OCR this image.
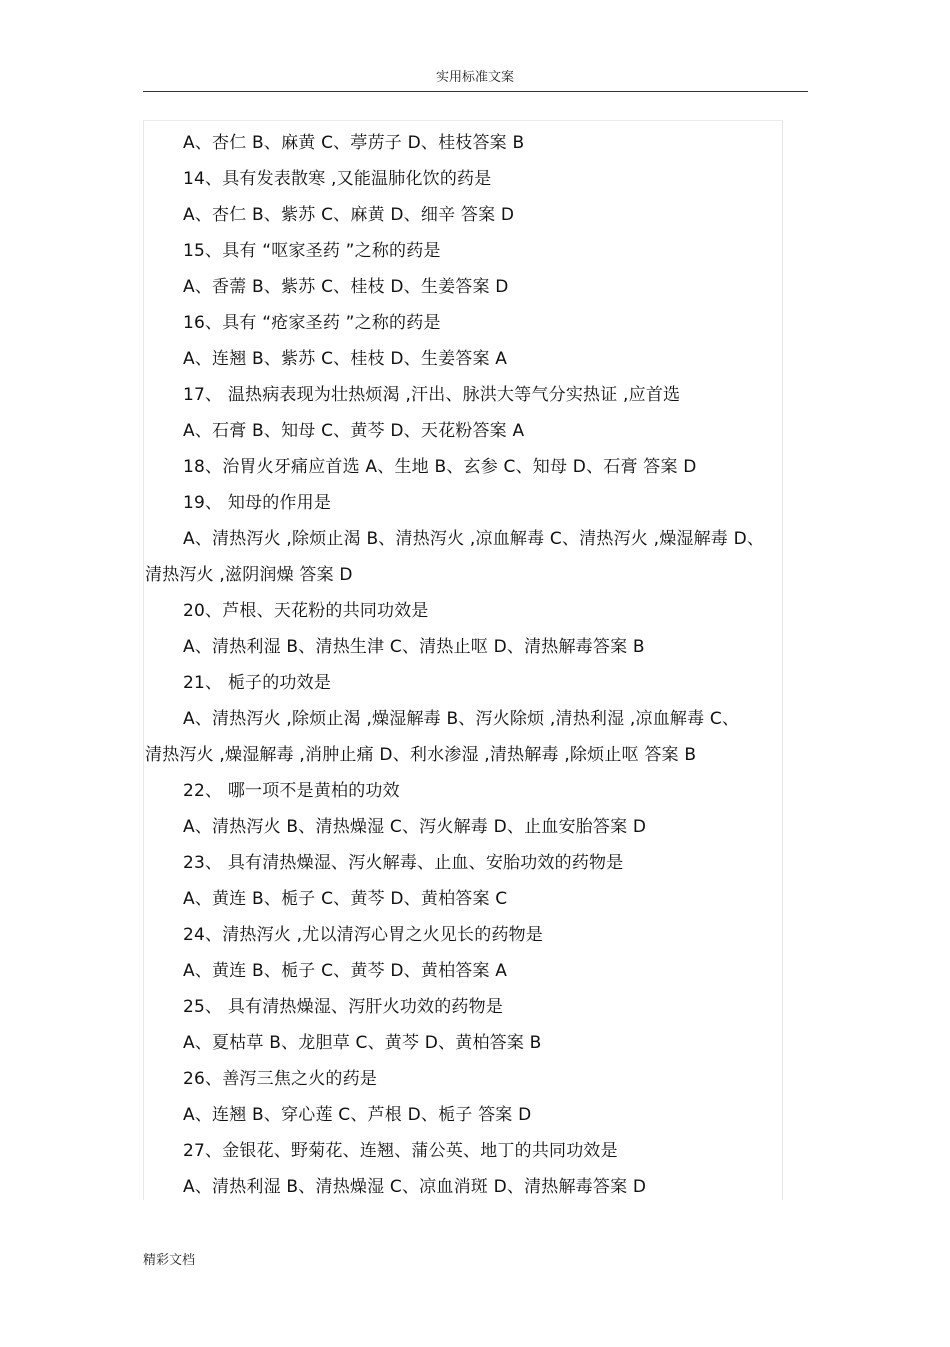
实用标准文案
A、杏仁 B、麻黄 C、葶苈子 D、桂枝答案 B
14、具有发表散寒 ,又能温肺化饮的药是
A、杏仁 B、紫苏 C、麻黄 D、细辛 答案 D
15、具有 “呕家圣药 ”之称的药是
A、香薷 B、紫苏 C、桂枝 D、生姜答案 D
16、具有 “疮家圣药 ”之称的药是
A、连翘 B、紫苏 C、桂枝 D、生姜答案 A
17、 温热病表现为壮热烦渴 ,汗出、脉洪大等气分实热证 ,应首选
A、石膏 B、知母 C、黄芩 D、天花粉答案 A
18、治胃火牙痛应首选 A、生地 B、玄参 C、知母 D、石膏 答案 D
19、 知母的作用是
A、清热泻火 ,除烦止渴 B、清热泻火 ,凉血解毒 C、清热泻火 ,燥湿解毒 D、
清热泻火 ,滋阴润燥 答案 D
20、芦根、天花粉的共同功效是
A、清热利湿 B、清热生津 C、清热止呕 D、清热解毒答案 B
21、 栀子的功效是
A、清热泻火 ,除烦止渴 ,燥湿解毒 B、泻火除烦 ,清热利湿 ,凉血解毒 C、
清热泻火 ,燥湿解毒 ,消肿止痛 D、利水渗湿 ,清热解毒 ,除烦止呕 答案 B
22、 哪一项不是黄柏的功效
A、清热泻火 B、清热燥湿 C、泻火解毒 D、止血安胎答案 D
23、 具有清热燥湿、泻火解毒、止血、安胎功效的药物是
A、黄连 B、栀子 C、黄芩 D、黄柏答案 C
24、清热泻火 ,尤以清泻心胃之火见长的药物是
A、黄连 B、栀子 C、黄芩 D、黄柏答案 A
25、 具有清热燥湿、泻肝火功效的药物是
A、夏枯草 B、龙胆草 C、黄芩 D、黄柏答案 B
26、善泻三焦之火的药是
A、连翘 B、穿心莲 C、芦根 D、栀子 答案 D
27、金银花、野菊花、连翘、蒲公英、地丁的共同功效是
A、清热利湿 B、清热燥湿 C、凉血消斑 D、清热解毒答案 D
精彩文档
